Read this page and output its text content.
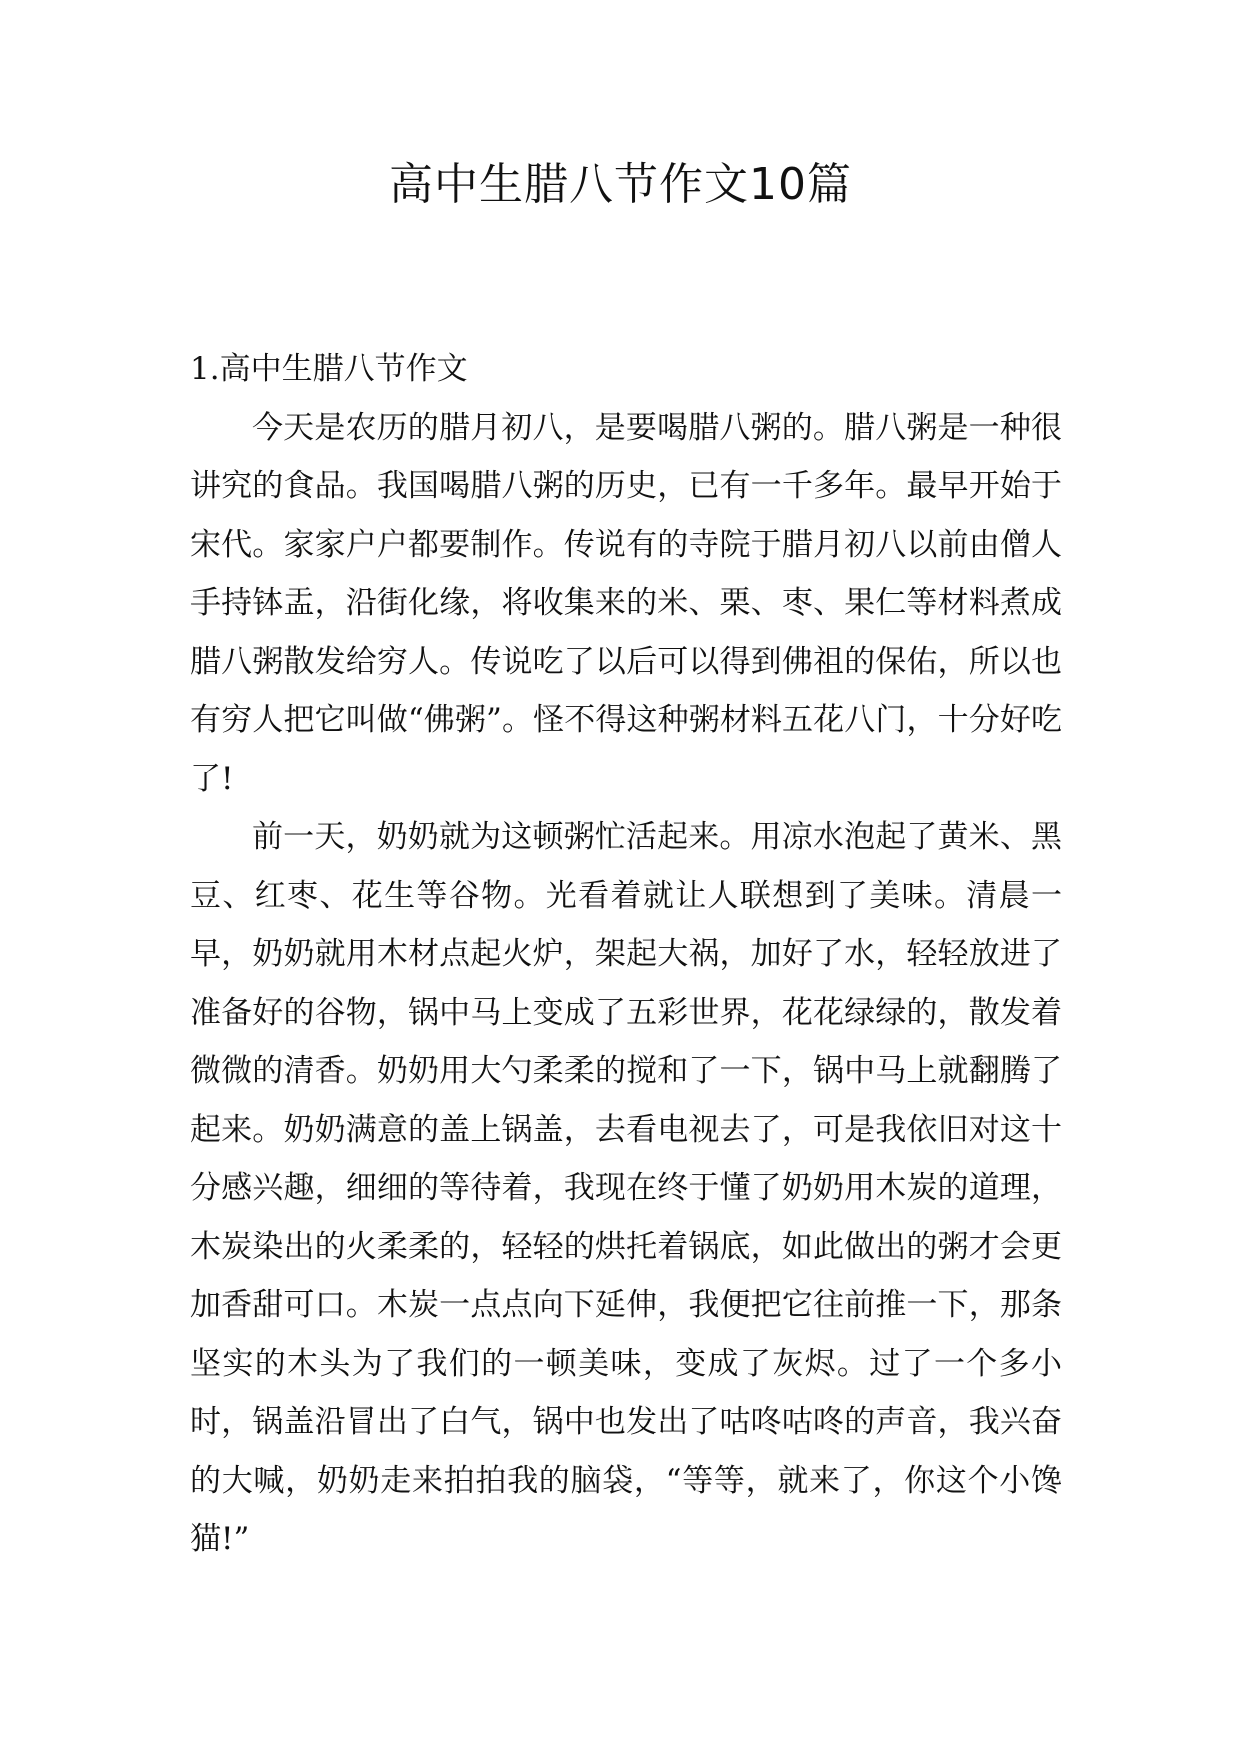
高中生腊八节作文10篇
1.高中生腊八节作文

今天是农历的腊月初八，是要喝腊八粥的。腊八粥是一种很讲究的食品。我国喝腊八粥的历史，已有一千多年。最早开始于宋代。家家户户都要制作。传说有的寺院于腊月初八以前由僧人手持钵盂，沿街化缘，将收集来的米、栗、枣、果仁等材料煮成腊八粥散发给穷人。传说吃了以后可以得到佛祖的保佑，所以也有穷人把它叫做“佛粥”。怪不得这种粥材料五花八门，十分好吃了!

前一天，奶奶就为这顿粥忙活起来。用凉水泡起了黄米、黑豆、红枣、花生等谷物。光看着就让人联想到了美味。清晨一早，奶奶就用木材点起火炉，架起大祸，加好了水，轻轻放进了准备好的谷物，锅中马上变成了五彩世界，花花绿绿的，散发着微微的清香。奶奶用大勺柔柔的搅和了一下，锅中马上就翻腾了起来。奶奶满意的盖上锅盖，去看电视去了，可是我依旧对这十分感兴趣，细细的等待着，我现在终于懂了奶奶用木炭的道理，木炭染出的火柔柔的，轻轻的烘托着锅底，如此做出的粥才会更加香甜可口。木炭一点点向下延伸，我便把它往前推一下，那条坚实的木头为了我们的一顿美味，变成了灰烬。过了一个多小时，锅盖沿冒出了白气，锅中也发出了咕咚咕咚的声音，我兴奋的大喊，奶奶走来拍拍我的脑袋，“等等，就来了，你这个小馋猫!”
